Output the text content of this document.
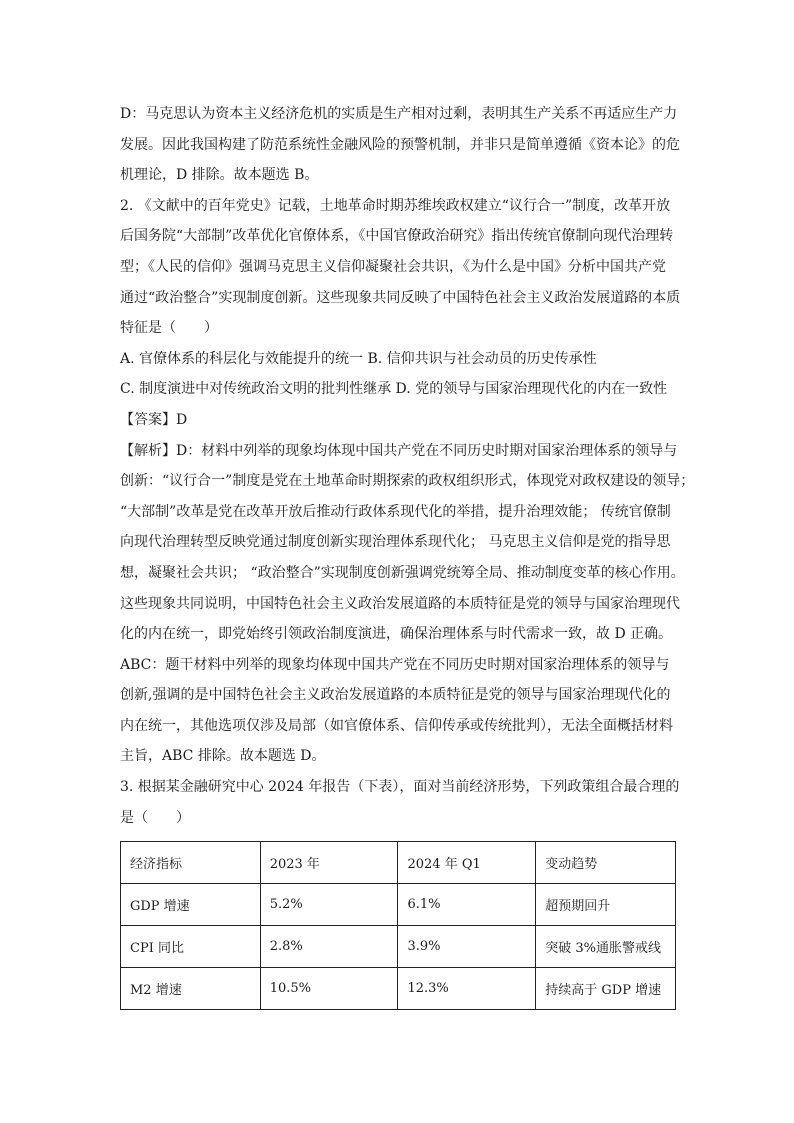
D：马克思认为资本主义经济危机的实质是生产相对过剩，表明其生产关系不再适应生产力

发展。因此我国构建了防范系统性金融风险的预警机制，并非只是简单遵循《资本论》的危

机理论，D 排除。故本题选 B。

2. 《文献中的百年党史》记载，土地革命时期苏维埃政权建立“议行合一”制度，改革开放

后国务院“大部制”改革优化官僚体系，《中国官僚政治研究》指出传统官僚制向现代治理转

型；《人民的信仰》强调马克思主义信仰凝聚社会共识，《为什么是中国》分析中国共产党

通过“政治整合”实现制度创新。这些现象共同反映了中国特色社会主义政治发展道路的本质

特征是（　　）

A. 官僚体系的科层化与效能提升的统一 B. 信仰共识与社会动员的历史传承性

C. 制度演进中对传统政治文明的批判性继承 D. 党的领导与国家治理现代化的内在一致性

【答案】D

【解析】D：材料中列举的现象均体现中国共产党在不同历史时期对国家治理体系的领导与

创新：“议行合一”制度是党在土地革命时期探索的政权组织形式，体现党对政权建设的领导；

“大部制”改革是党在改革开放后推动行政体系现代化的举措，提升治理效能； 传统官僚制

向现代治理转型反映党通过制度创新实现治理体系现代化； 马克思主义信仰是党的指导思

想，凝聚社会共识； “政治整合”实现制度创新强调党统筹全局、推动制度变革的核心作用。

这些现象共同说明，中国特色社会主义政治发展道路的本质特征是党的领导与国家治理现代

化的内在统一，即党始终引领政治制度演进，确保治理体系与时代需求一致，故 D 正确。

ABC：题干材料中列举的现象均体现中国共产党在不同历史时期对国家治理体系的领导与

创新,强调的是中国特色社会主义政治发展道路的本质特征是党的领导与国家治理现代化的

内在统一，其他选项仅涉及局部（如官僚体系、信仰传承或传统批判），无法全面概括材料

主旨，ABC 排除。故本题选 D。

3. 根据某金融研究中心 2024 年报告（下表），面对当前经济形势，下列政策组合最合理的

是（　　）

经济指标	2023 年	2024 年 Q1	变动趋势
GDP 增速	5.2%	6.1%	超预期回升
CPI 同比	2.8%	3.9%	突破 3%通胀警戒线
M2 增速	10.5%	12.3%	持续高于 GDP 增速
